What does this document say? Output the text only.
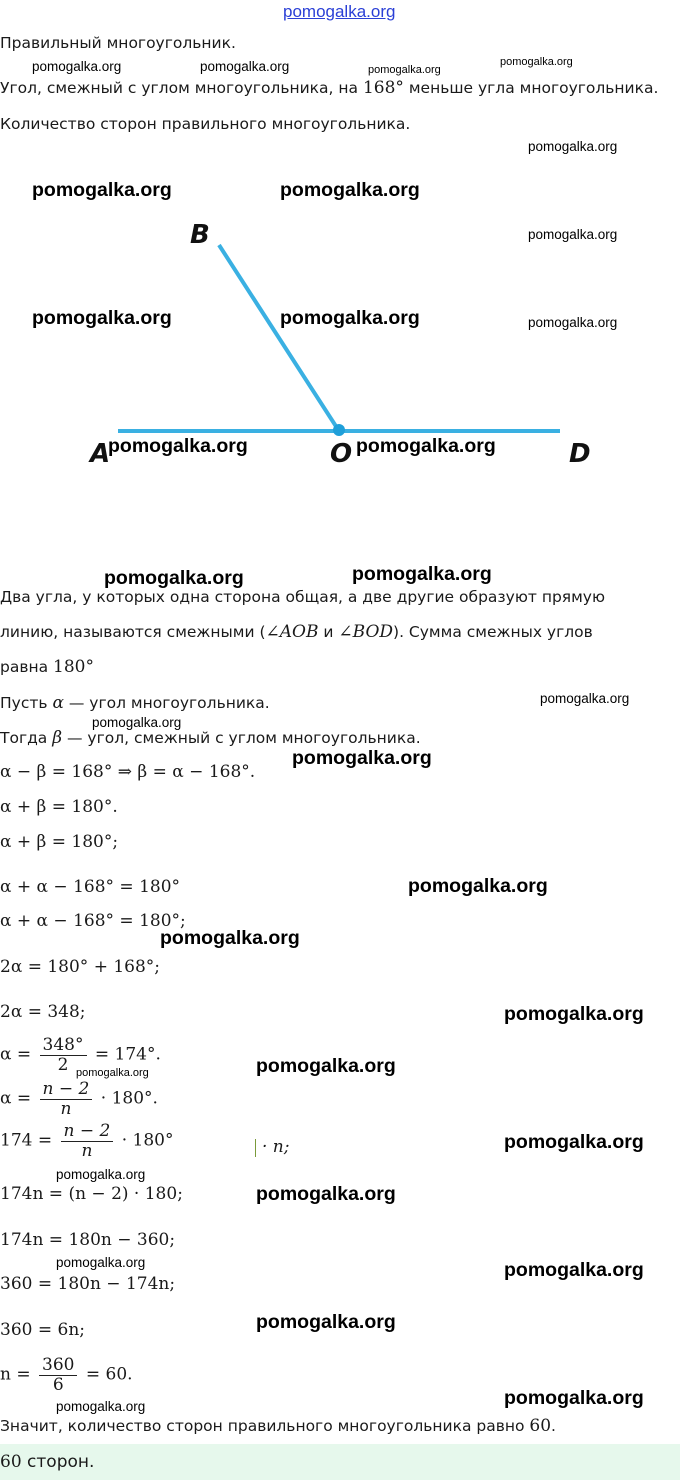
pomogalka.org
Правильный многоугольник.
Угол, смежный с углом многоугольника, на 168° меньше угла многоугольника.
Количество сторон правильного многоугольника.
B
A	O	D
Два угла, у которых одна сторона общая, а две другие образуют прямую
линию, называются смежными (∠AOB и ∠BOD). Сумма смежных углов
равна 180°
Пусть α — угол многоугольника.
Тогда β — угол, смежный с углом многоугольника.
α − β = 168° ⇒ β = α − 168°.
α + β = 180°.
α + β = 180°;
α + α − 168° = 180°
α + α − 168° = 180°;
2α = 180° + 168°;
2α = 348;
$\alpha = \frac{348^\circ}{2} = 174^\circ$.
$\alpha = \frac{n - 2}{n} \cdot 180^\circ$.
$174 = \frac{n - 2}{n} \cdot 180^\circ$	· n;
174n = (n − 2) · 180;
174n = 180n − 360;
360 = 180n − 174n;
360 = 6n;
$n = \frac{360}{6} = 60$.
Значит, количество сторон правильного многоугольника равно 60.
60 сторон.
pomogalka.org	pomogalka.org	pomogalka.org
pomogalka.org
pomogalka.org
pomogalka.org	pomogalka.org
pomogalka.org
pomogalka.org	pomogalka.org	pomogalka.org
pomogalka.org	pomogalka.org
pomogalka.org	pomogalka.org
pomogalka.org
pomogalka.org
pomogalka.org
pomogalka.org
pomogalka.org
pomogalka.org
pomogalka.org
pomogalka.org
pomogalka.org
pomogalka.org
pomogalka.org
pomogalka.org	pomogalka.org
pomogalka.org
pomogalka.org
pomogalka.org
